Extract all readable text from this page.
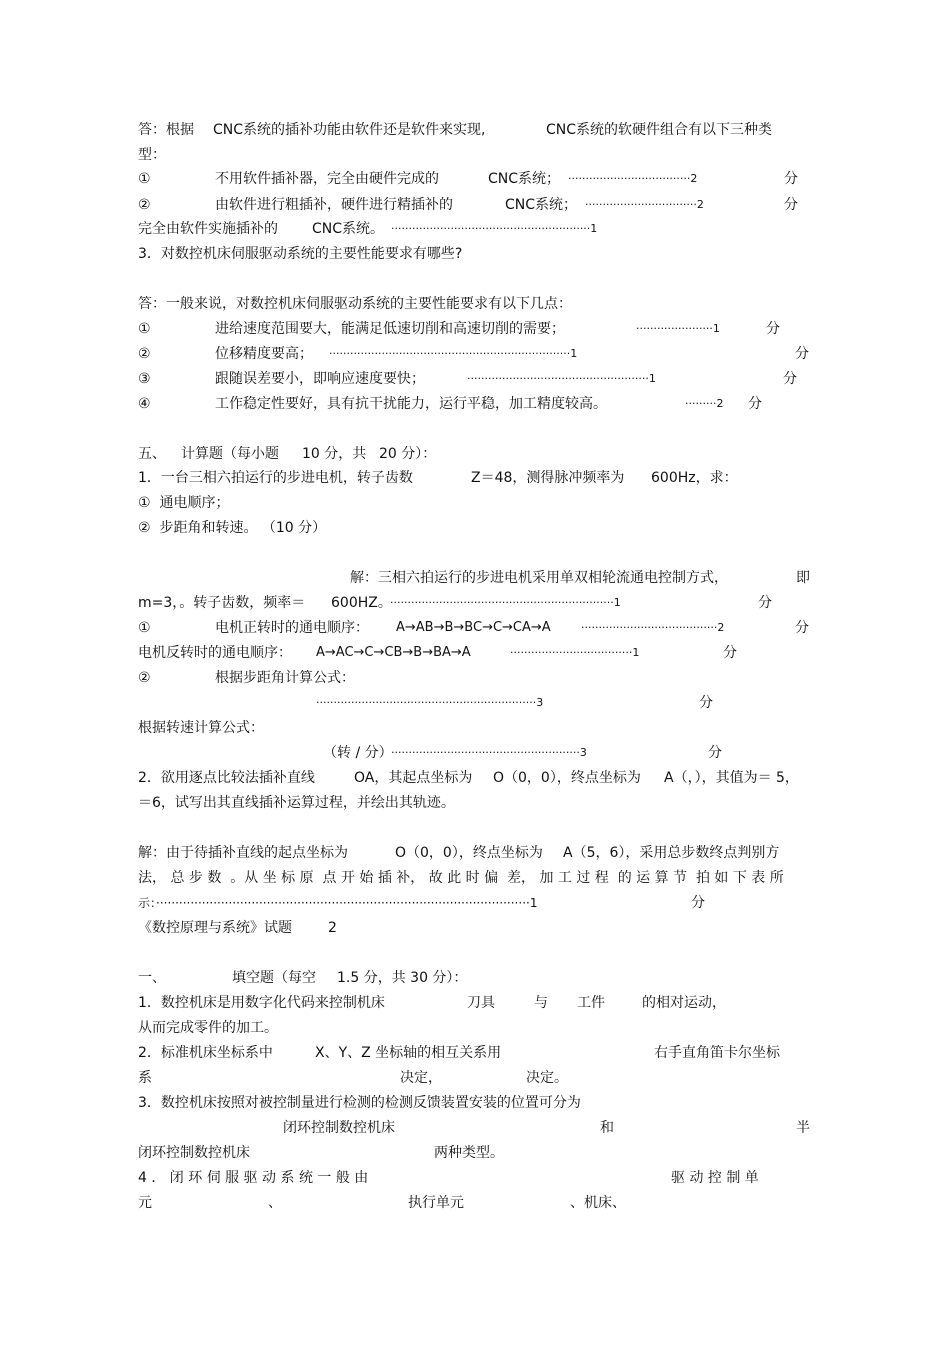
答：根据 CNC系统的插补功能由软件还是软件来实现,	CNC系统的软硬件组合有以下三种类
型：
①	不用软件插补器，完全由硬件完成的	CNC系统； ···································2	分
②	由软件进行粗插补，硬件进行精插补的	CNC系统； ································2	分
完全由软件实施插补的 CNC系统。 ·························································1
3．对数控机床伺服驱动系统的主要性能要求有哪些?
答：一般来说，对数控机床伺服驱动系统的主要性能要求有以下几点：
①	进给速度范围要大，能满足低速切削和高速切削的需要；	······················1	分
②	位移精度要高； ·····································································1	分
③	跟随误差要小，即响应速度要快；	····················································1	分
④	工作稳定性要好，具有抗干扰能力，运行平稳，加工精度较高。	·········2 分
五、 计算题（每小题 10 分，共 20 分）：
1．一台三相六拍运行的步进电机，转子齿数	Z＝48，测得脉冲频率为 600Hz，求：
①  通电顺序；
②  步距角和转速。 （10 分）
解：三相六拍运行的步进电机采用单双相轮流通电控制方式，	即
m=3，。转子齿数，频率＝ 600HZ。
································································1	分
①	电机正转时的通电顺序： A→AB→B→BC→C→CA→A	·······································2	分
电机反转时的通电顺序： A→AC→C→CB→B→BA→A	···································1	分
②	根据步距角计算公式：
·······························································3	分
根据转速计算公式：
（转 / 分）
······················································3	分
2．欲用逐点比较法插补直线	OA，其起点坐标为 O（0，0），终点坐标为 A（，），其值为＝ 5，
＝6，试写出其直线插补运算过程，并绘出其轨迹。
解：由于待插补直线的起点坐标为	O（0，0），终点坐标为 A（5，6），采用总步数终点判别方
法， 总 步 数  。从 坐 标 原  点 开 始 插 补， 故 此 时 偏  差， 加 工 过 程  的 运 算 节  拍 如 下 表 所
示：··································································································1	分
《数控原理与系统》试题	2
一、	填空题（每空 1.5 分，共 30 分）：
1．数控机床是用数字化代码来控制机床	刀具	与 工件	的相对运动，
从而完成零件的加工。
2．标准机床坐标系中	X、Y、Z 坐标轴的相互关系用	右手直角笛卡尔坐标
系	决定，	决定。
3．数控机床按照对被控制量进行检测的检测反馈装置安装的位置可分为
闭环控制数控机床	和	半
闭环控制数控机床	两种类型。
4 ． 闭 环 伺 服 驱 动 系 统 一 般 由	驱 动 控 制 单
元	、	执行单元	、机床、
